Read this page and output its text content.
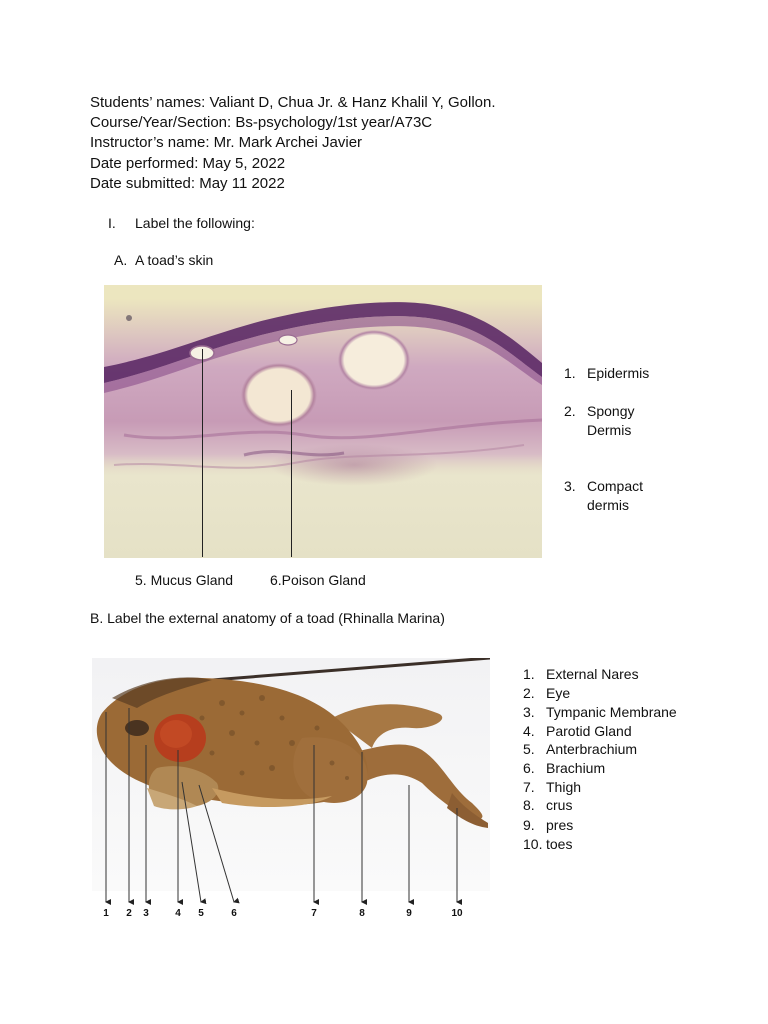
Students’ names: Valiant D, Chua Jr. & Hanz Khalil Y, Gollon.
Course/Year/Section: Bs-psychology/1st year/A73C
Instructor’s name: Mr. Mark Archei Javier
Date performed: May 5, 2022
Date submitted: May 11 2022
I. Label the following:
A. A toad’s skin
1. Epidermis
2. Spongy
Dermis
3. Compact
dermis
5. Mucus Gland	6.Poison Gland
B. Label the external anatomy of a toad (Rhinalla Marina)
1	2	3	4	5	6	7	8	9	10
1. External Nares
2. Eye
3. Tympanic Membrane
4. Parotid Gland
5. Anterbrachium
6. Brachium
7. Thigh
8. crus
9. pres
10. toes
